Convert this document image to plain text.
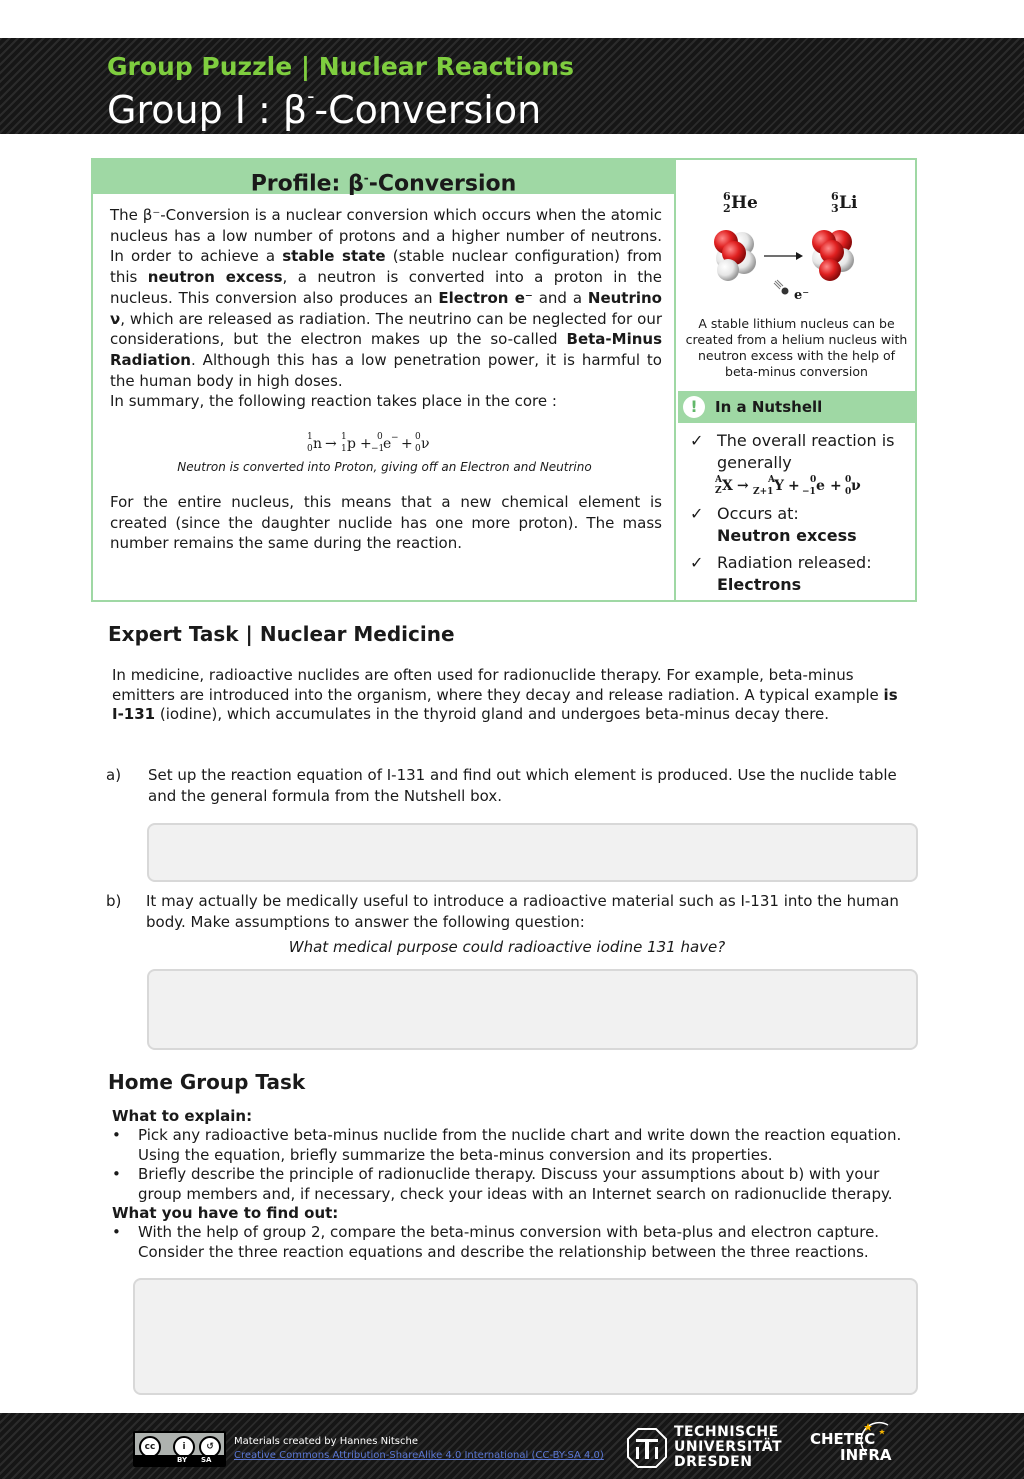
Group Puzzle | Nuclear Reactions
Group I : β--Conversion
Profile: β--Conversion

The β⁻-Conversion is a nuclear conversion which occurs when the atomic nucleus has a low number of protons and a higher number of neutrons. In order to achieve a stable state (stable nuclear configuration) from this neutron excess, a neutron is converted into a proton in the nucleus. This conversion also produces an Electron e⁻ and a Neutrino ν, which are released as radiation. The neutrino can be neglected for our considerations, but the electron makes up the so-called Beta-Minus Radiation. Although this has a low penetration power, it is harmful to the human body in high doses.

In summary, the following reaction takes place in the core :

1
0 n → 1
1 p + 0
−1
e − + 0
0 ν
Neutron is converted into Proton, giving off an Electron and Neutrino
For the entire nucleus, this means that a new chemical element is created (since the daughter nuclide has one more proton). The mass number remains the same during the reaction.
6
2 He	6
3 Li
e⁻
A stable lithium nucleus can be created from a helium nucleus with neutron excess with the help of beta-minus conversion
!	In a Nutshell
✓ The overall reaction is generally
A
Z X → A
Z+1 Y + 0
−1 e + 0
0 ν
✓ Occurs at:
Neutron excess
✓ Radiation released:
Electrons
Expert Task | Nuclear Medicine
In medicine, radioactive nuclides are often used for radionuclide therapy. For example, beta-minus emitters are introduced into the organism, where they decay and release radiation. A typical example is I-131 (iodine), which accumulates in the thyroid gland and undergoes beta-minus decay there.
a) Set up the reaction equation of I-131 and find out which element is produced. Use the nuclide table and the general formula from the Nutshell box.
b) It may actually be medically useful to introduce a radioactive material such as I-131 into the human body. Make assumptions to answer the following question:
What medical purpose could radioactive iodine 131 have?
Home Group Task
What to explain:
• Pick any radioactive beta-minus nuclide from the nuclide chart and write down the reaction equation. Using the equation, briefly summarize the beta-minus conversion and its properties.
• Briefly describe the principle of radionuclide therapy. Discuss your assumptions about b) with your group members and, if necessary, check your ideas with an Internet search on radionuclide therapy.
What you have to find out:
• With the help of group 2, compare the beta-minus conversion with beta-plus and electron capture. Consider the three reaction equations and describe the relationship between the three reactions.
cc	i	↺
BY SA
Materials created by Hannes Nitsche
Creative Commons Attribution-ShareAlike 4.0 International (CC-BY-SA 4.0)
TECHNISCHE
UNIVERSITÄT
DRESDEN
CHETEC
INFRA
